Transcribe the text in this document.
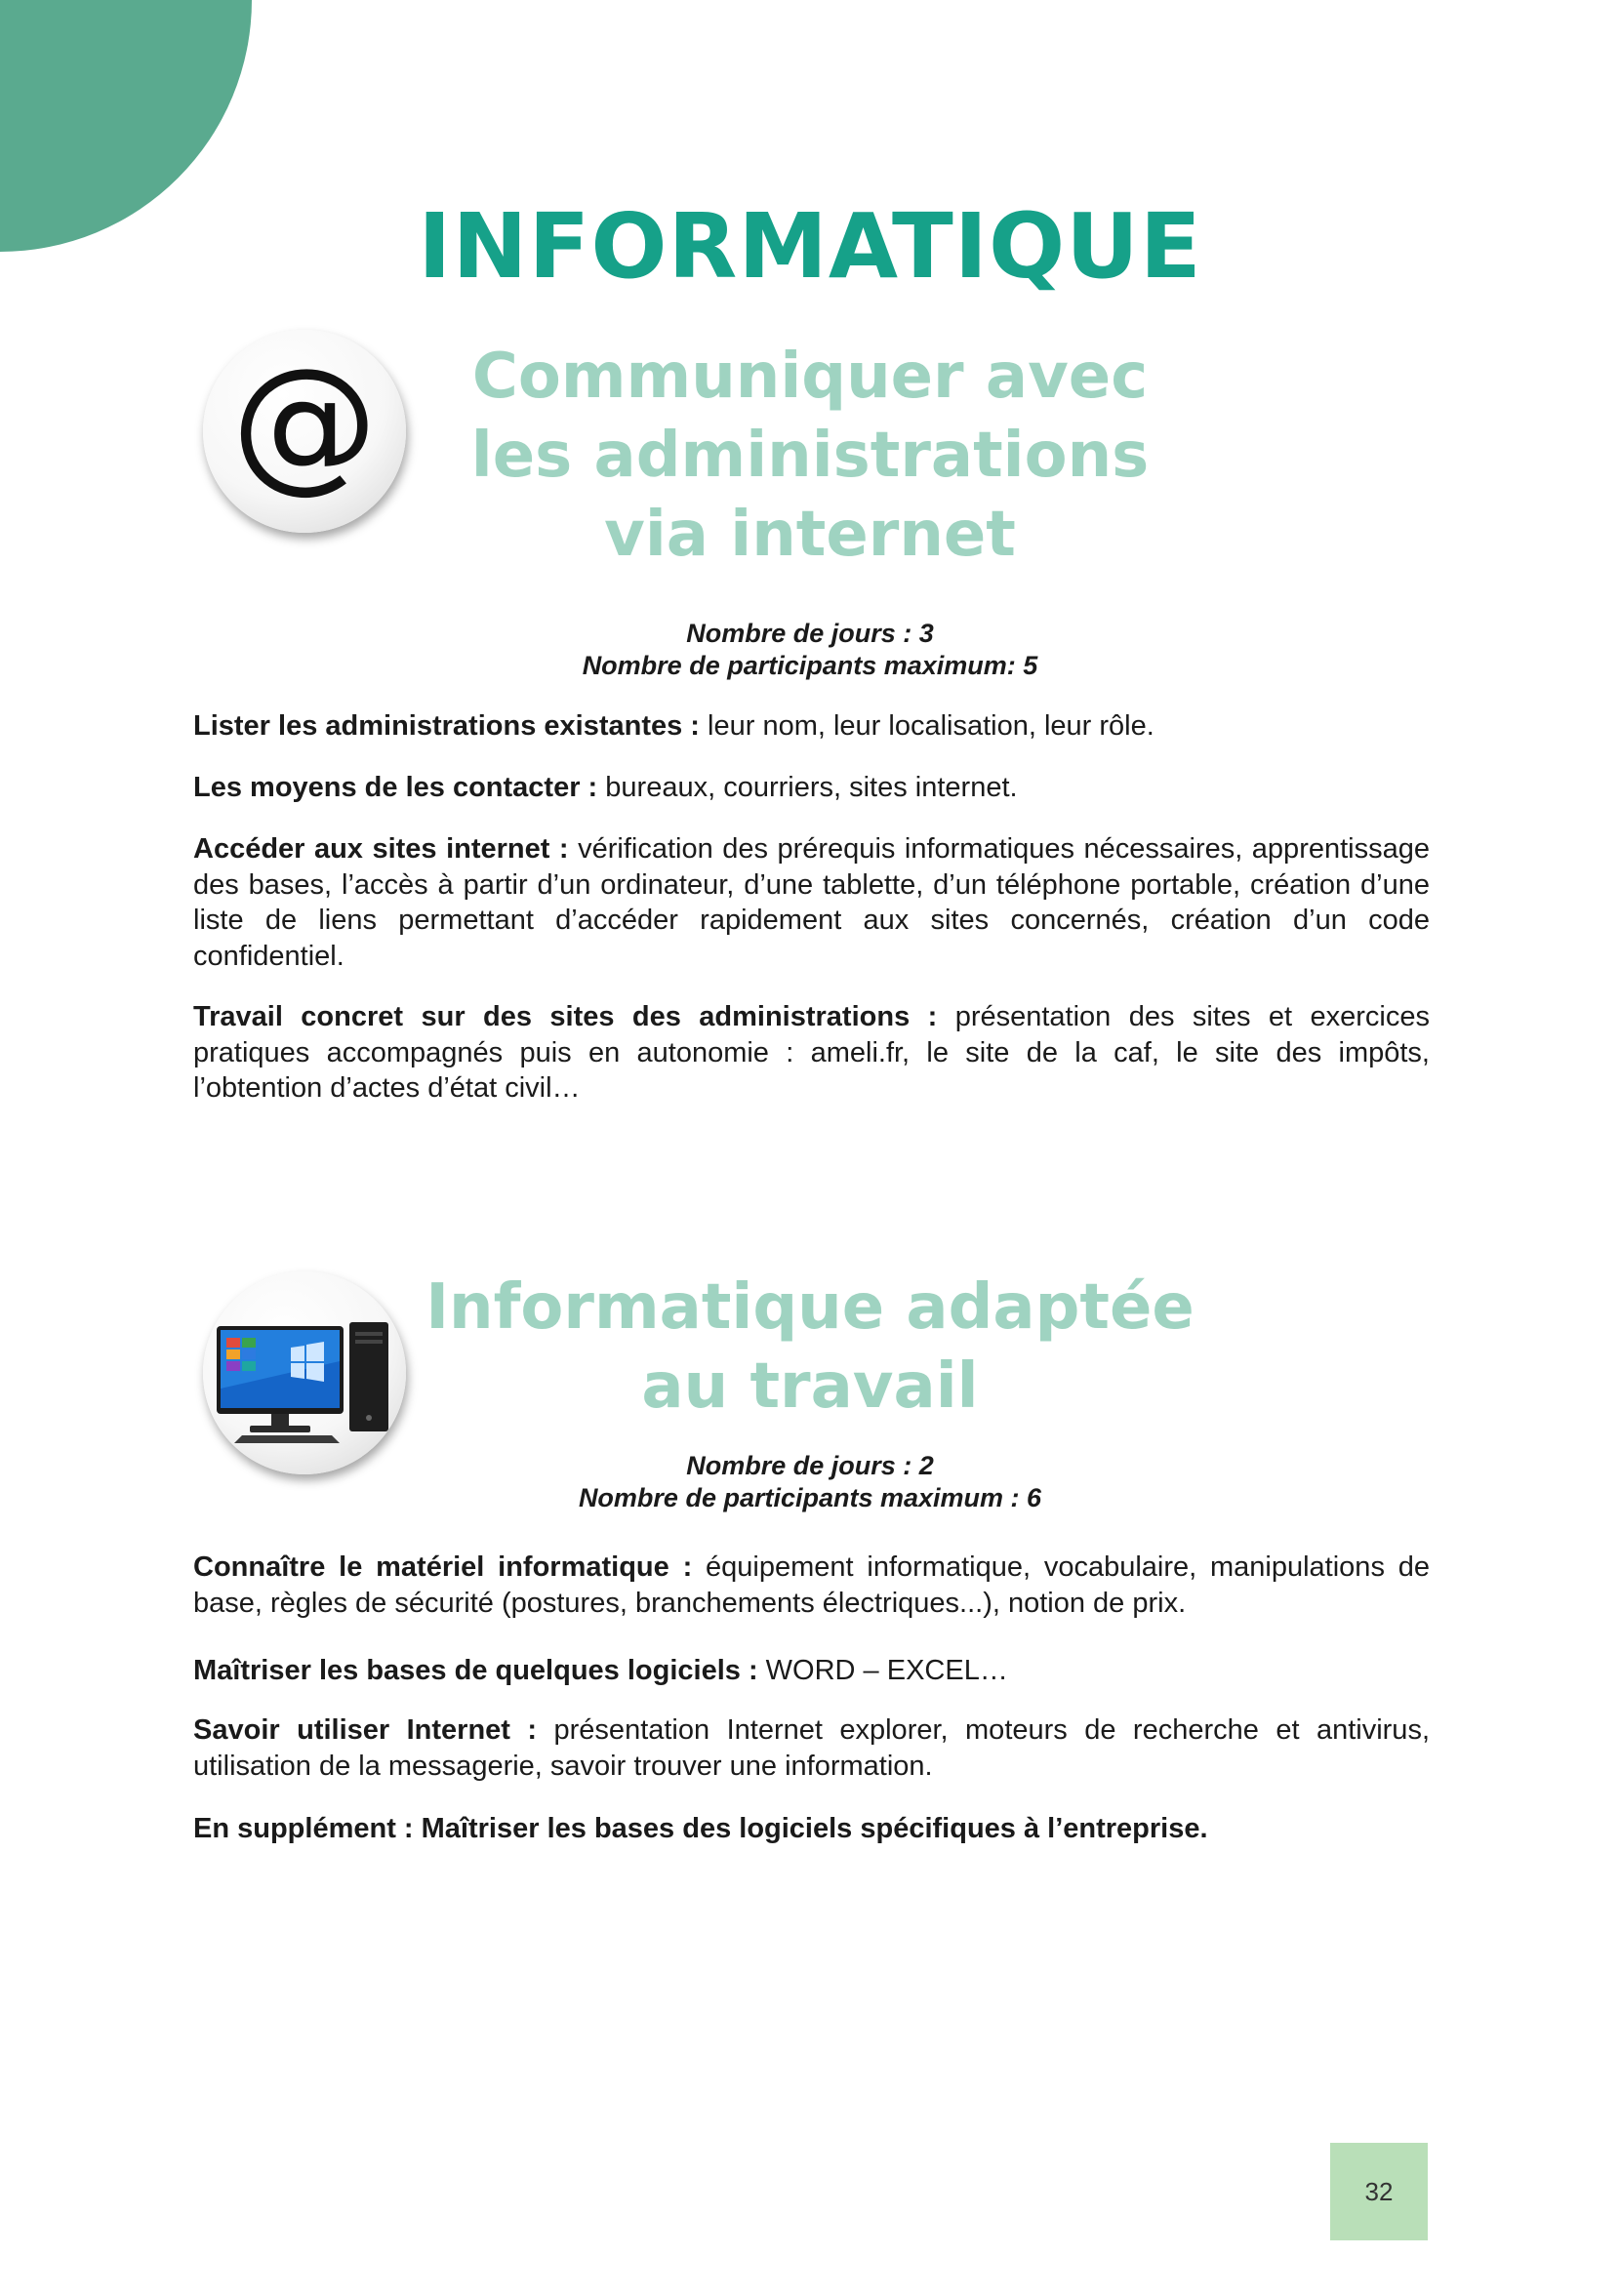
INFORMATIQUE
@	Communiquer avec
les administrations
via internet
Nombre de jours : 3
Nombre de participants maximum: 5
Lister les administrations existantes : leur nom, leur localisation, leur rôle.
Les moyens de les contacter : bureaux, courriers, sites internet.
Accéder aux sites internet : vérification des prérequis informatiques nécessaires, apprentissage des bases, l’accès à partir d’un ordinateur, d’une tablette, d’un téléphone portable, création d’une liste de liens permettant d’accéder rapidement aux sites concernés, création d’un code confidentiel.
Travail concret sur des sites des administrations : présentation des sites et exercices pratiques accompagnés puis en autonomie : ameli.fr, le site de la caf, le site des impôts, l’obtention d’actes d’état civil…
Informatique adaptée
au travail
Nombre de jours : 2
Nombre de participants maximum : 6
Connaître le matériel informatique : équipement informatique, vocabulaire, manipulations de base, règles de sécurité (postures, branchements électriques...), notion de prix.
Maîtriser les bases de quelques logiciels : WORD – EXCEL…
Savoir utiliser Internet : présentation Internet explorer, moteurs de recherche et antivirus, utilisation de la messagerie, savoir trouver une information.
En supplément : Maîtriser les bases des logiciels spécifiques à l’entreprise.
32
